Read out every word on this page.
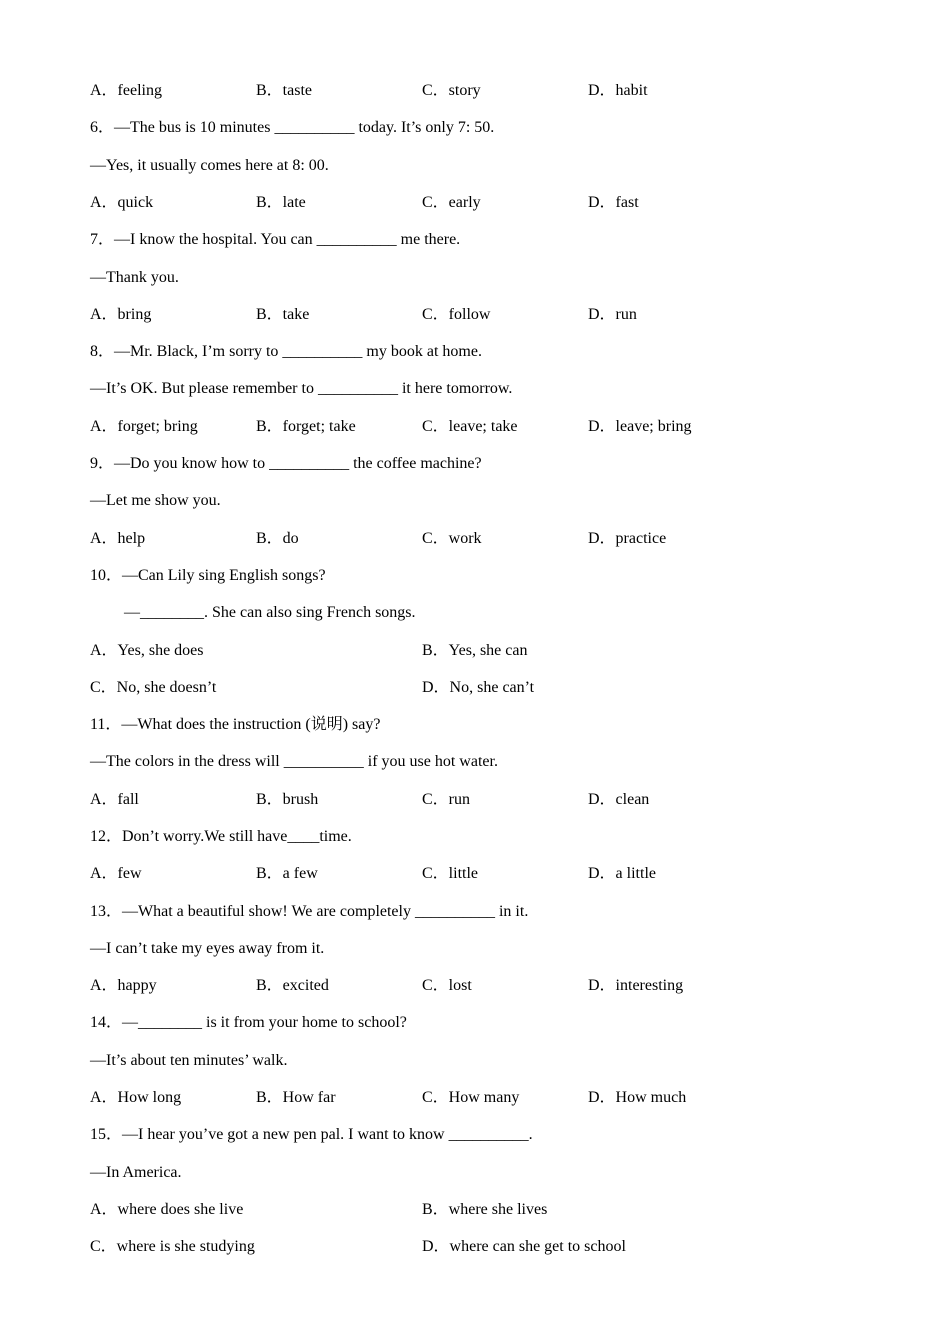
A．feeling	B．taste	C．story	D．habit
6．—The bus is 10 minutes __________ today. It’s only 7: 50.
—Yes, it usually comes here at 8: 00.
A．quick	B．late	C．early	D．fast
7．—I know the hospital. You can __________ me there.
—Thank you.
A．bring	B．take	C．follow	D．run
8．—Mr. Black, I’m sorry to __________ my book at home.
—It’s OK. But please remember to __________ it here tomorrow.
A．forget; bring	B．forget; take	C．leave; take	D．leave; bring
9．—Do you know how to __________ the coffee machine?
—Let me show you.
A．help	B．do	C．work	D．practice
10．—Can Lily sing English songs?
—________. She can also sing French songs.
A．Yes, she does	B．Yes, she can
C．No, she doesn’t	D．No, she can’t
11．—What does the instruction (说明) say?
—The colors in the dress will __________ if you use hot water.
A．fall	B．brush	C．run	D．clean
12．Don’t worry.We still have____time.
A．few	B．a few	C．little	D．a little
13．—What a beautiful show! We are completely __________ in it.
—I can’t take my eyes away from it.
A．happy	B．excited	C．lost	D．interesting
14．—________ is it from your home to school?
—It’s about ten minutes’ walk.
A．How long	B．How far	C．How many	D．How much
15．—I hear you’ve got a new pen pal. I want to know __________.
—In America.
A．where does she live	B．where she lives
C．where is she studying	D．where can she get to school
